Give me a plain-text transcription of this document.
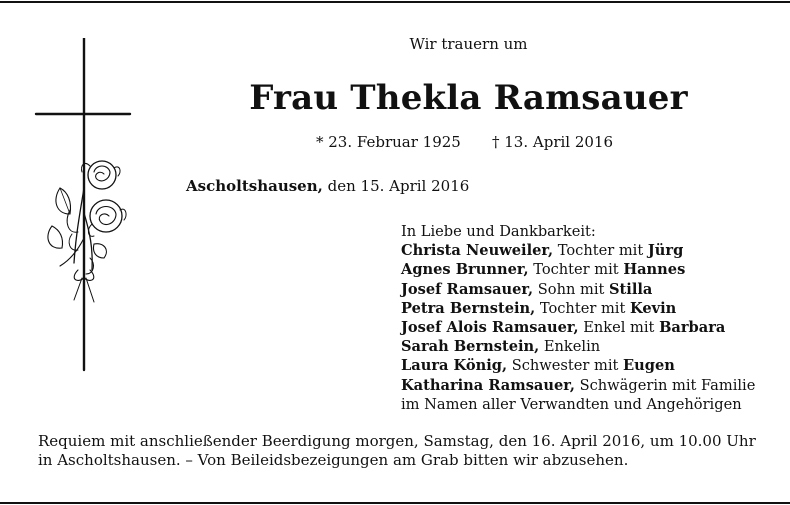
Wir trauern um
Frau Thekla Ramsauer
* 23. Februar 1925 † 13. April 2016
Ascholtshausen, den 15. April 2016
In Liebe und Dankbarkeit:
Christa Neuweiler, Tochter mit Jürg
Agnes Brunner, Tochter mit Hannes
Josef Ramsauer, Sohn mit Stilla
Petra Bernstein, Tochter mit Kevin
Josef Alois Ramsauer, Enkel mit Barbara
Sarah Bernstein, Enkelin
Laura König, Schwester mit Eugen
Katharina Ramsauer, Schwägerin mit Familie
im Namen aller Verwandten und Angehörigen
Requiem mit anschließender Beerdigung morgen, Samstag, den 16. April 2016, um 10.00 Uhr in Ascholtshausen. – Von Beileidsbezeigungen am Grab bitten wir abzusehen.
